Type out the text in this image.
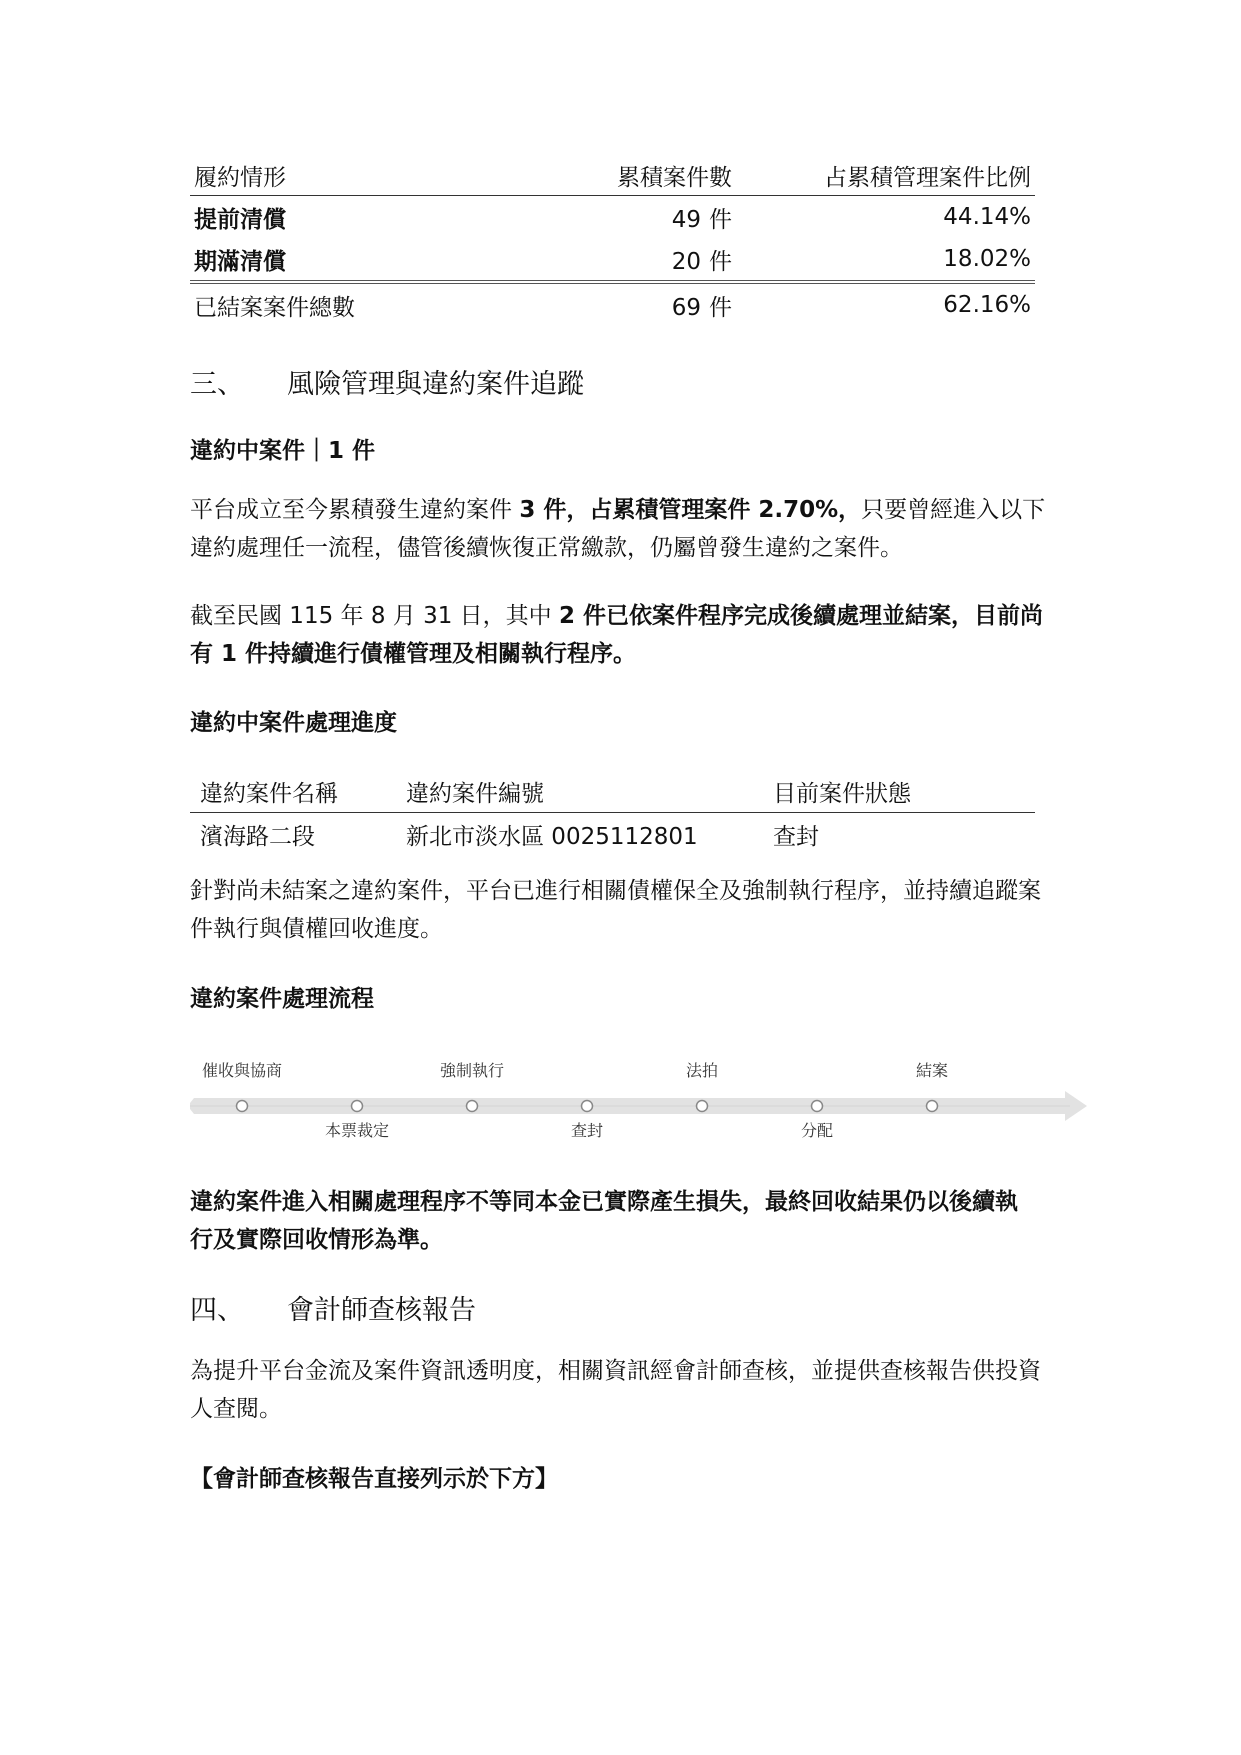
履約情形	累積案件數	占累積管理案件比例
提前清償	49 件	44.14%
期滿清償	20 件	18.02%
已結案案件總數	69 件	62.16%
三、 風險管理與違約案件追蹤
違約中案件｜1 件
平台成立至今累積發生違約案件 3 件，占累積管理案件 2.70%，只要曾經進入以下違約處理任一流程，儘管後續恢復正常繳款，仍屬曾發生違約之案件。
截至民國 115 年 8 月 31 日，其中 2 件已依案件程序完成後續處理並結案，目前尚有 1 件持續進行債權管理及相關執行程序。
違約中案件處理進度
違約案件名稱	違約案件編號	目前案件狀態
濱海路二段	新北市淡水區 0025112801	查封
針對尚未結案之違約案件，平台已進行相關債權保全及強制執行程序，並持續追蹤案件執行與債權回收進度。
違約案件處理流程
催收與協商	強制執行	法拍	結案
本票裁定	查封	分配
違約案件進入相關處理程序不等同本金已實際產生損失，最終回收結果仍以後續執行及實際回收情形為準。
四、 會計師查核報告
為提升平台金流及案件資訊透明度，相關資訊經會計師查核，並提供查核報告供投資人查閱。
【會計師查核報告直接列示於下方】
